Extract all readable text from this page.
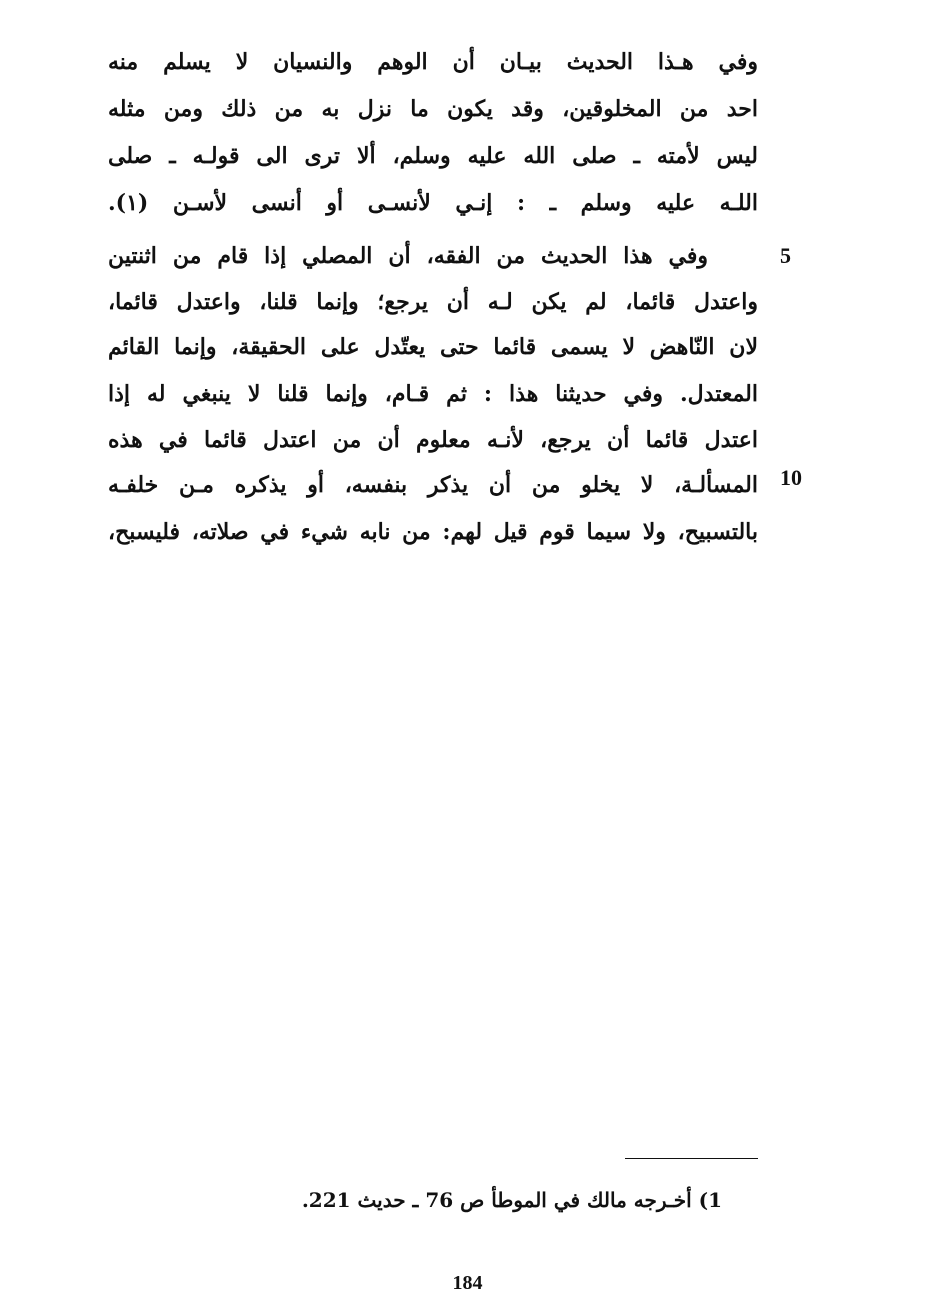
وفي هـذا الحديث بيـان أن الوهم والنسيان لا يسلم منه
احد من المخلوقين، وقد يكون ما نزل به من ذلك ومن مثله
ليس لأمته ـ صلى الله عليه وسلم، ألا ترى الى قولـه ـ صلى
اللـه عليه وسلم ـ : إنـي لأنسـى أو أنسى لأسـن (١).
وفي هذا الحديث من الفقه، أن المصلي إذا قام من اثنتين
واعتدل قائما، لم يكن لـه أن يرجع؛ وإنما قلنا، واعتدل قائما،
لان النّاهض لا يسمى قائما حتى يعتّدل على الحقيقة، وإنما القائم
المعتدل. وفي حديثنا هذا : ثم قـام، وإنما قلنا لا ينبغي له إذا
اعتدل قائما أن يرجع، لأنـه معلوم أن من اعتدل قائما في هذه
المسألـة، لا يخلو من أن يذكر بنفسه، أو يذكره مـن خلفـه
بالتسبيح، ولا سيما قوم قيل لهم: من نابه شيء في صلاته، فليسبح،
5
10
1) أخـرجه مالك في الموطأ ص 76 ـ حديث 221.
184
